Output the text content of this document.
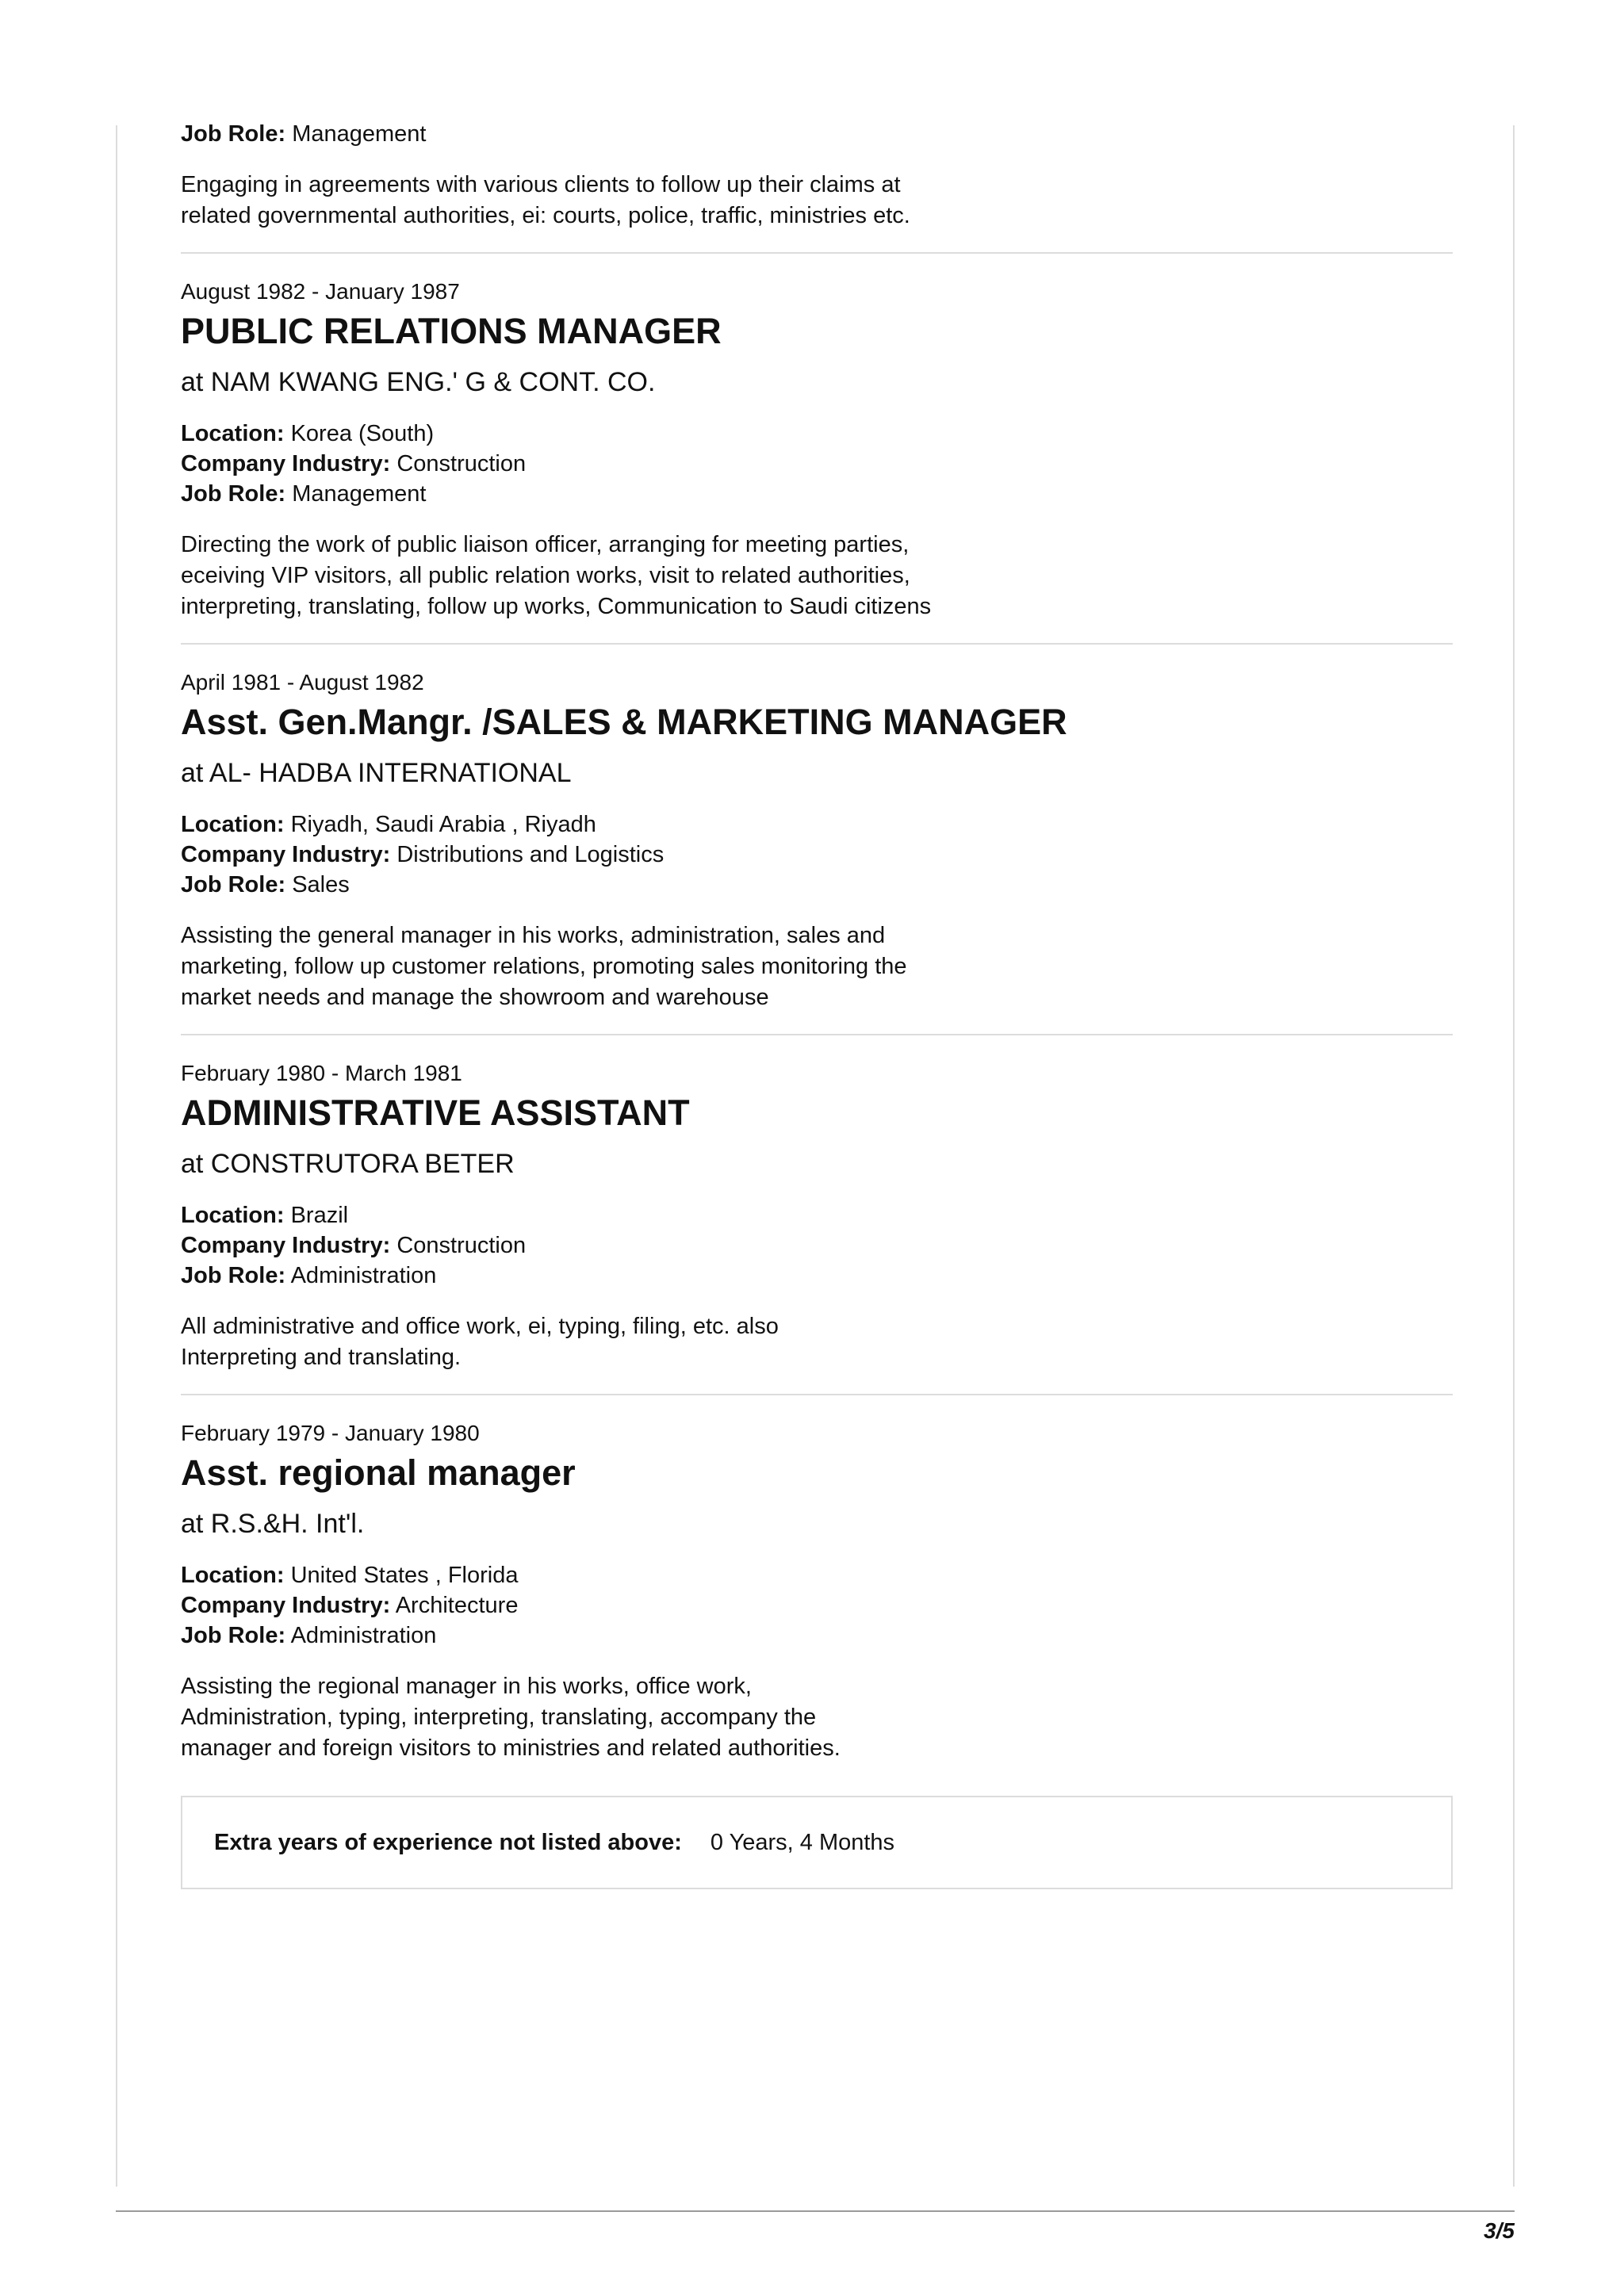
Job Role: Management
Engaging in agreements with various clients to follow up their claims at
related governmental authorities, ei: courts, police, traffic, ministries etc.
August 1982 - January 1987
PUBLIC RELATIONS MANAGER
at NAM KWANG ENG.' G & CONT. CO.
Location: Korea (South)
Company Industry: Construction
Job Role: Management
Directing the work of public liaison officer, arranging for meeting parties,
eceiving VIP visitors, all public relation works, visit to related authorities,
interpreting, translating, follow up works, Communication to Saudi citizens
April 1981 - August 1982
Asst. Gen.Mangr. /SALES & MARKETING MANAGER
at AL- HADBA INTERNATIONAL
Location: Riyadh, Saudi Arabia , Riyadh
Company Industry: Distributions and Logistics
Job Role: Sales
Assisting the general manager in his works, administration, sales and
marketing, follow up customer relations, promoting sales monitoring the
market needs and manage the showroom and warehouse
February 1980 - March 1981
ADMINISTRATIVE ASSISTANT
at CONSTRUTORA BETER
Location: Brazil
Company Industry: Construction
Job Role: Administration
All administrative and office work, ei, typing, filing, etc. also
Interpreting and translating.
February 1979 - January 1980
Asst. regional manager
at R.S.&H. Int'l.
Location: United States , Florida
Company Industry: Architecture
Job Role: Administration
Assisting the regional manager in his works, office work,
Administration, typing, interpreting, translating, accompany the
manager and foreign visitors to ministries and related authorities.
Extra years of experience not listed above: 0 Years, 4 Months
3/5
